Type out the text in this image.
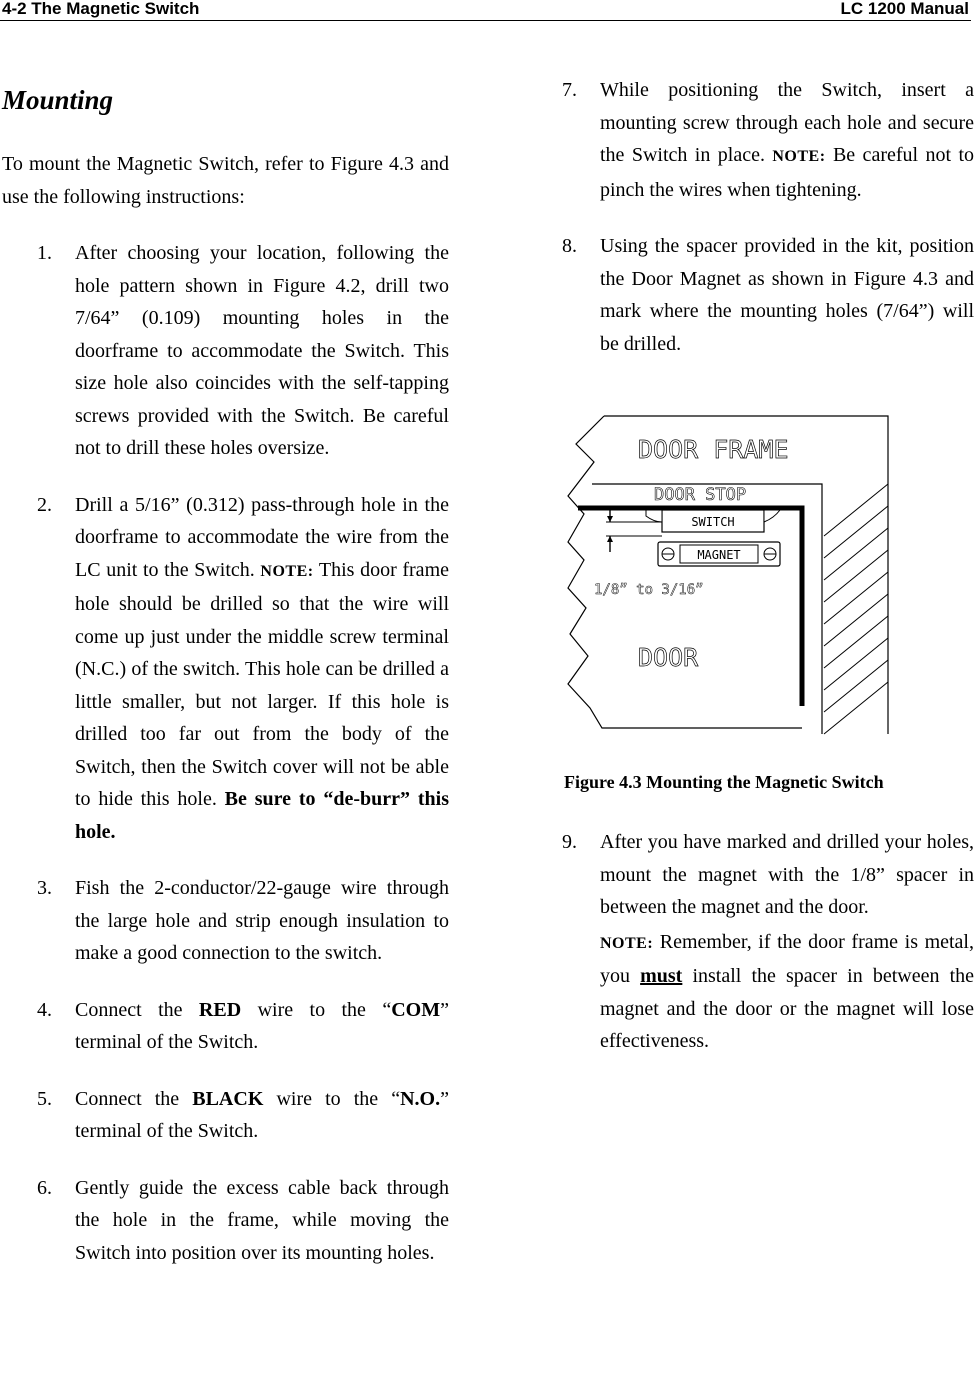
4-2 The Magnetic Switch	LC 1200 Manual
Mounting

To mount the Magnetic Switch, refer to Figure 4.3 and use the following instructions:

1. After choosing your location, following the hole pattern shown in Figure 4.2, drill two 7/64” (0.109) mounting holes in the doorframe to accommodate the Switch. This size hole also coincides with the self-tapping screws provided with the Switch. Be careful not to drill these holes oversize.
2. Drill a 5/16” (0.312) pass-through hole in the doorframe to accommodate the wire from the LC unit to the Switch. NOTE: This door frame hole should be drilled so that the wire will come up just under the middle screw terminal (N.C.) of the switch. This hole can be drilled a little smaller, but not larger. If this hole is drilled too far out from the body of the Switch, then the Switch cover will not be able to hide this hole. Be sure to “de-burr” this hole.
3. Fish the 2-conductor/22-gauge wire through the large hole and strip enough insulation to make a good connection to the switch.
4. Connect the RED wire to the “COM” terminal of the Switch.
5. Connect the BLACK wire to the “N.O.” terminal of the Switch.
6. Gently guide the excess cable back through the hole in the frame, while moving the Switch into position over its mounting holes.
7. While positioning the Switch, insert a mounting screw through each hole and secure the Switch in place. NOTE: Be careful not to pinch the wires when tightening.
8. Using the spacer provided in the kit, position the Door Magnet as shown in Figure 4.3 and mark where the mounting holes (7/64”) will be drilled.
SWITCH
MAGNET
DOOR FRAME
DOOR STOP
1/8” to 3/16”
DOOR
Figure 4.3 Mounting the Magnetic Switch
9. After you have marked and drilled your holes, mount the magnet with the 1/8” spacer in between the magnet and the door.
NOTE: Remember, if the door frame is metal, you must install the spacer in between the magnet and the door or the magnet will lose effectiveness.
